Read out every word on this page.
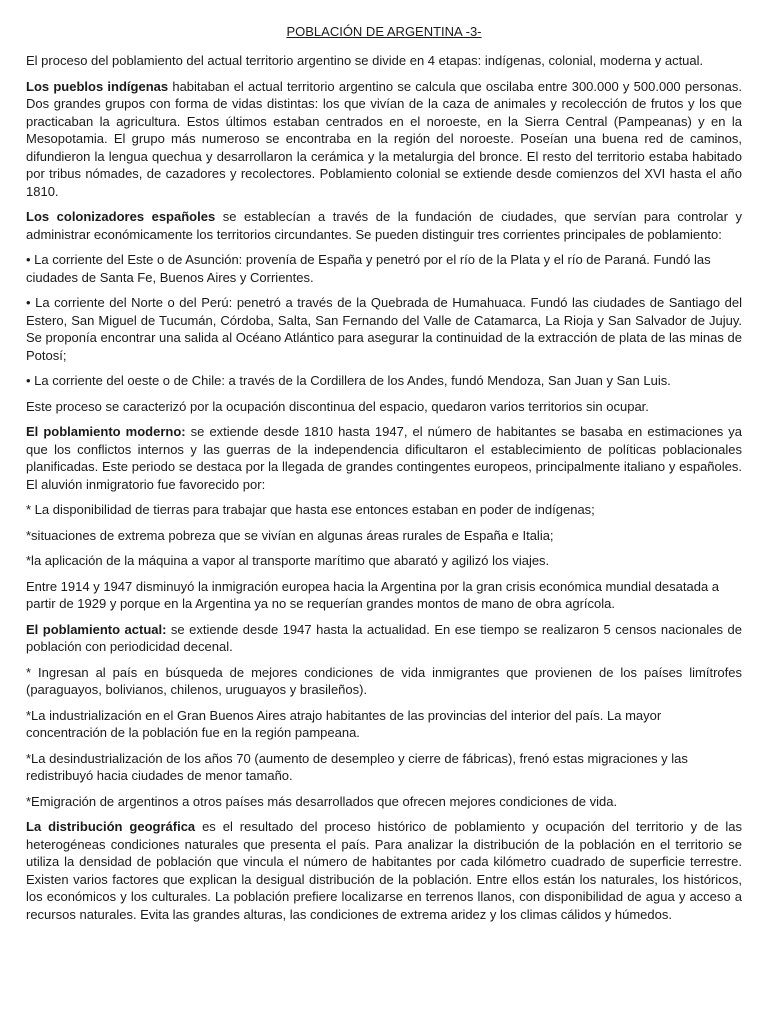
POBLACIÓN DE ARGENTINA -3-

El proceso del poblamiento del actual territorio argentino se divide en 4 etapas: indígenas, colonial, moderna y actual.

Los pueblos indígenas habitaban el actual territorio argentino se calcula que oscilaba entre 300.000 y 500.000 personas. Dos grandes grupos con forma de vidas distintas: los que vivían de la caza de animales y recolección de frutos y los que practicaban la agricultura. Estos últimos estaban centrados en el noroeste, en la Sierra Central (Pampeanas) y en la Mesopotamia. El grupo más numeroso se encontraba en la región del noroeste. Poseían una buena red de caminos, difundieron la lengua quechua y desarrollaron la cerámica y la metalurgia del bronce. El resto del territorio estaba habitado por tribus nómades, de cazadores y recolectores. Poblamiento colonial se extiende desde comienzos del XVI hasta el año 1810.

Los colonizadores españoles se establecían a través de la fundación de ciudades, que servían para controlar y administrar económicamente los territorios circundantes. Se pueden distinguir tres corrientes principales de poblamiento:

• La corriente del Este o de Asunción: provenía de España y penetró por el río de la Plata y el río de Paraná. Fundó las ciudades de Santa Fe, Buenos Aires y Corrientes.

• La corriente del Norte o del Perú: penetró a través de la Quebrada de Humahuaca. Fundó las ciudades de Santiago del Estero, San Miguel de Tucumán, Córdoba, Salta, San Fernando del Valle de Catamarca, La Rioja y San Salvador de Jujuy. Se proponía encontrar una salida al Océano Atlántico para asegurar la continuidad de la extracción de plata de las minas de Potosí;

• La corriente del oeste o de Chile: a través de la Cordillera de los Andes, fundó Mendoza, San Juan y San Luis.

Este proceso se caracterizó por la ocupación discontinua del espacio, quedaron varios territorios sin ocupar.

El poblamiento moderno: se extiende desde 1810 hasta 1947, el número de habitantes se basaba en estimaciones ya que los conflictos internos y las guerras de la independencia dificultaron el establecimiento de políticas poblacionales planificadas. Este periodo se destaca por la llegada de grandes contingentes europeos, principalmente italiano y españoles. El aluvión inmigratorio fue favorecido por:

* La disponibilidad de tierras para trabajar que hasta ese entonces estaban en poder de indígenas;

*situaciones de extrema pobreza que se vivían en algunas áreas rurales de España e Italia;

*la aplicación de la máquina a vapor al transporte marítimo que abarató y agilizó los viajes.

Entre 1914 y 1947 disminuyó la inmigración europea hacia la Argentina por la gran crisis económica mundial desatada a partir de 1929 y porque en la Argentina ya no se requerían grandes montos de mano de obra agrícola.

El poblamiento actual: se extiende desde 1947 hasta la actualidad. En ese tiempo se realizaron 5 censos nacionales de población con periodicidad decenal.

* Ingresan al país en búsqueda de mejores condiciones de vida inmigrantes que provienen de los países limítrofes (paraguayos, bolivianos, chilenos, uruguayos y brasileños).

*La industrialización en el Gran Buenos Aires atrajo habitantes de las provincias del interior del país. La mayor concentración de la población fue en la región pampeana.

*La desindustrialización de los años 70 (aumento de desempleo y cierre de fábricas), frenó estas migraciones y las redistribuyó hacia ciudades de menor tamaño.

*Emigración de argentinos a otros países más desarrollados que ofrecen mejores condiciones de vida.

La distribución geográfica es el resultado del proceso histórico de poblamiento y ocupación del territorio y de las heterogéneas condiciones naturales que presenta el país. Para analizar la distribución de la población en el territorio se utiliza la densidad de población que vincula el número de habitantes por cada kilómetro cuadrado de superficie terrestre. Existen varios factores que explican la desigual distribución de la población. Entre ellos están los naturales, los históricos, los económicos y los culturales. La población prefiere localizarse en terrenos llanos, con disponibilidad de agua y acceso a recursos naturales. Evita las grandes alturas, las condiciones de extrema aridez y los climas cálidos y húmedos.
